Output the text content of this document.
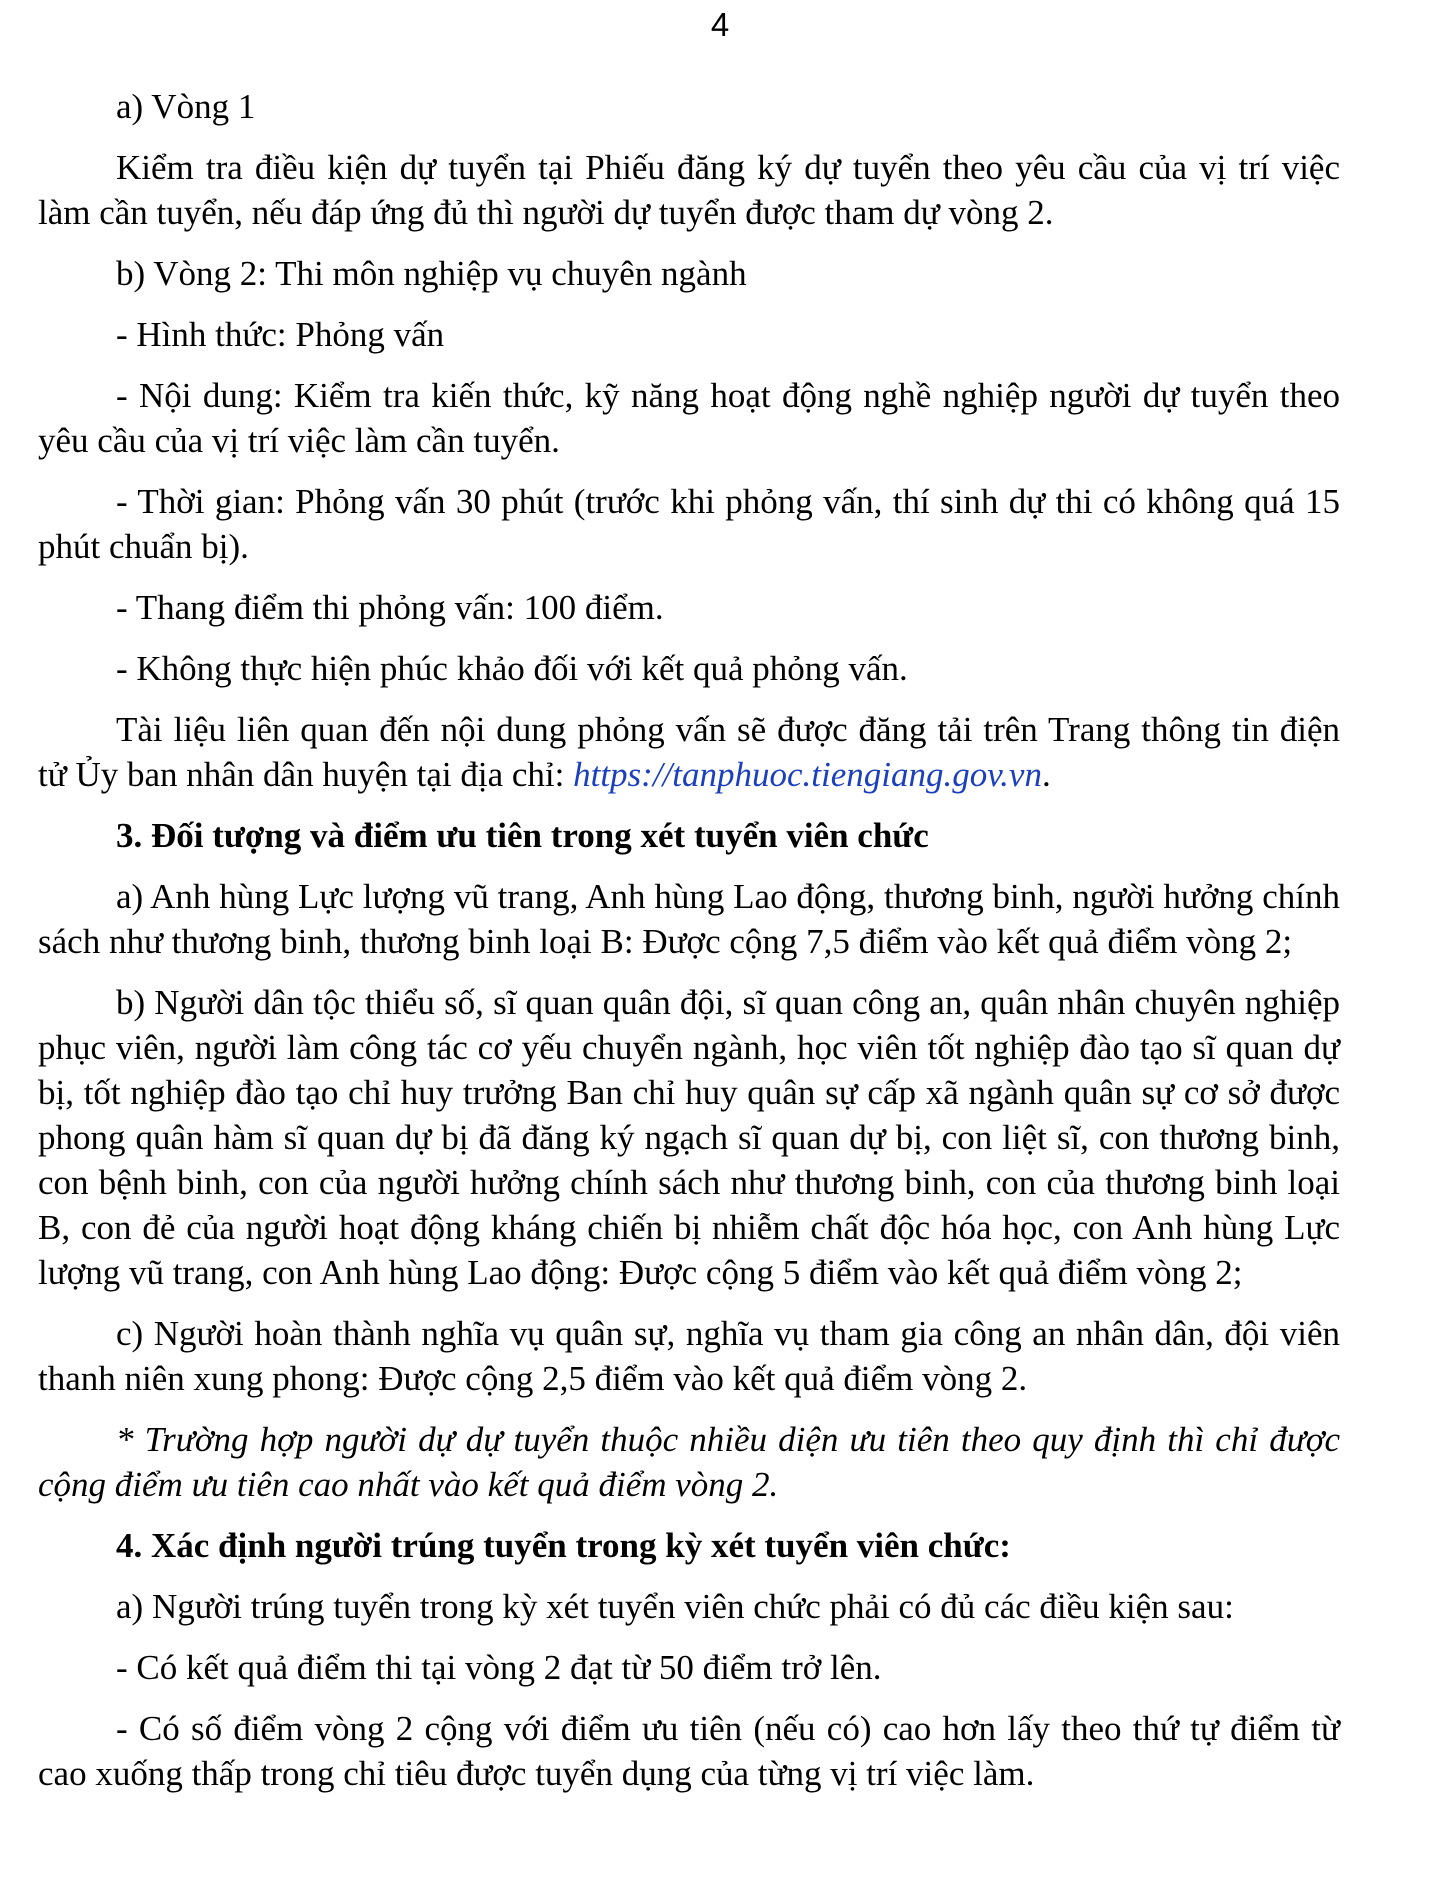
4

a) Vòng 1

Kiểm tra điều kiện dự tuyển tại Phiếu đăng ký dự tuyển theo yêu cầu của vị trí việc làm cần tuyển, nếu đáp ứng đủ thì người dự tuyển được tham dự vòng 2.

b) Vòng 2: Thi môn nghiệp vụ chuyên ngành

- Hình thức: Phỏng vấn

- Nội dung: Kiểm tra kiến thức, kỹ năng hoạt động nghề nghiệp người dự tuyển theo yêu cầu của vị trí việc làm cần tuyển.

- Thời gian: Phỏng vấn 30 phút (trước khi phỏng vấn, thí sinh dự thi có không quá 15 phút chuẩn bị).

- Thang điểm thi phỏng vấn: 100 điểm.

- Không thực hiện phúc khảo đối với kết quả phỏng vấn.

Tài liệu liên quan đến nội dung phỏng vấn sẽ được đăng tải trên Trang thông tin điện tử Ủy ban nhân dân huyện tại địa chỉ: https://tanphuoc.tiengiang.gov.vn.

3. Đối tượng và điểm ưu tiên trong xét tuyển viên chức

a) Anh hùng Lực lượng vũ trang, Anh hùng Lao động, thương binh, người hưởng chính sách như thương binh, thương binh loại B: Được cộng 7,5 điểm vào kết quả điểm vòng 2;

b) Người dân tộc thiểu số, sĩ quan quân đội, sĩ quan công an, quân nhân chuyên nghiệp phục viên, người làm công tác cơ yếu chuyển ngành, học viên tốt nghiệp đào tạo sĩ quan dự bị, tốt nghiệp đào tạo chỉ huy trưởng Ban chỉ huy quân sự cấp xã ngành quân sự cơ sở được phong quân hàm sĩ quan dự bị đã đăng ký ngạch sĩ quan dự bị, con liệt sĩ, con thương binh, con bệnh binh, con của người hưởng chính sách như thương binh, con của thương binh loại B, con đẻ của người hoạt động kháng chiến bị nhiễm chất độc hóa học, con Anh hùng Lực lượng vũ trang, con Anh hùng Lao động: Được cộng 5 điểm vào kết quả điểm vòng 2;

c) Người hoàn thành nghĩa vụ quân sự, nghĩa vụ tham gia công an nhân dân, đội viên thanh niên xung phong: Được cộng 2,5 điểm vào kết quả điểm vòng 2.

* Trường hợp người dự dự tuyển thuộc nhiều diện ưu tiên theo quy định thì chỉ được cộng điểm ưu tiên cao nhất vào kết quả điểm vòng 2.

4. Xác định người trúng tuyển trong kỳ xét tuyển viên chức:

a) Người trúng tuyển trong kỳ xét tuyển viên chức phải có đủ các điều kiện sau:

- Có kết quả điểm thi tại vòng 2 đạt từ 50 điểm trở lên.

- Có số điểm vòng 2 cộng với điểm ưu tiên (nếu có) cao hơn lấy theo thứ tự điểm từ cao xuống thấp trong chỉ tiêu được tuyển dụng của từng vị trí việc làm.
